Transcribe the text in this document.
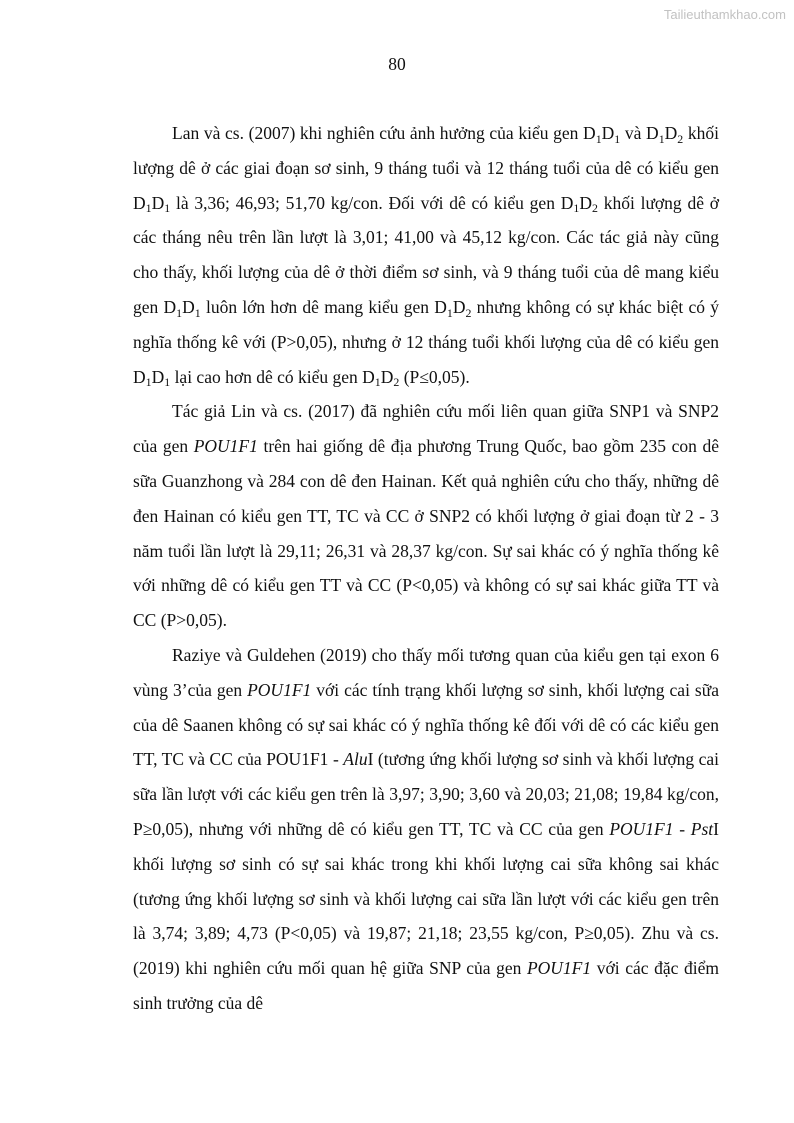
Tailieuthamkhao.com
80

Lan và cs. (2007) khi nghiên cứu ảnh hưởng của kiểu gen $D_1D_1$ và $D_1D_2$ khối lượng dê ở các giai đoạn sơ sinh, 9 tháng tuổi và 12 tháng tuổi của dê có kiểu gen $D_1D_1$ là 3,36; 46,93; 51,70 kg/con. Đối với dê có kiểu gen $D_1D_2$ khối lượng dê ở các tháng nêu trên lần lượt là 3,01; 41,00 và 45,12 kg/con. Các tác giả này cũng cho thấy, khối lượng của dê ở thời điểm sơ sinh, và 9 tháng tuổi của dê mang kiểu gen $D_1D_1$ luôn lớn hơn dê mang kiểu gen $D_1D_2$ nhưng không có sự khác biệt có ý nghĩa thống kê với (P>0,05), nhưng ở 12 tháng tuổi khối lượng của dê có kiểu gen $D_1D_1$ lại cao hơn dê có kiểu gen $D_1D_2$ (P≤0,05).

Tác giả Lin và cs. (2017) đã nghiên cứu mối liên quan giữa SNP1 và SNP2 của gen POU1F1 trên hai giống dê địa phương Trung Quốc, bao gồm 235 con dê sữa Guanzhong và 284 con dê đen Hainan. Kết quả nghiên cứu cho thấy, những dê đen Hainan có kiểu gen TT, TC và CC ở SNP2 có khối lượng ở giai đoạn từ 2 - 3 năm tuổi lần lượt là 29,11; 26,31 và 28,37 kg/con. Sự sai khác có ý nghĩa thống kê với những dê có kiểu gen TT và CC (P<0,05) và không có sự sai khác giữa TT và CC (P>0,05).

Raziye và Guldehen (2019) cho thấy mối tương quan của kiểu gen tại exon 6 vùng 3’của gen POU1F1 với các tính trạng khối lượng sơ sinh, khối lượng cai sữa của dê Saanen không có sự sai khác có ý nghĩa thống kê đối với dê có các kiểu gen TT, TC và CC của POU1F1 - AluI (tương ứng khối lượng sơ sinh và khối lượng cai sữa lần lượt với các kiểu gen trên là 3,97; 3,90; 3,60 và 20,03; 21,08; 19,84 kg/con, P≥0,05), nhưng với những dê có kiểu gen TT, TC và CC của gen POU1F1 - PstI khối lượng sơ sinh có sự sai khác trong khi khối lượng cai sữa không sai khác (tương ứng khối lượng sơ sinh và khối lượng cai sữa lần lượt với các kiểu gen trên là 3,74; 3,89; 4,73 (P<0,05) và 19,87; 21,18; 23,55 kg/con, P≥0,05). Zhu và cs. (2019) khi nghiên cứu mối quan hệ giữa SNP của gen POU1F1 với các đặc điểm sinh trưởng của dê
